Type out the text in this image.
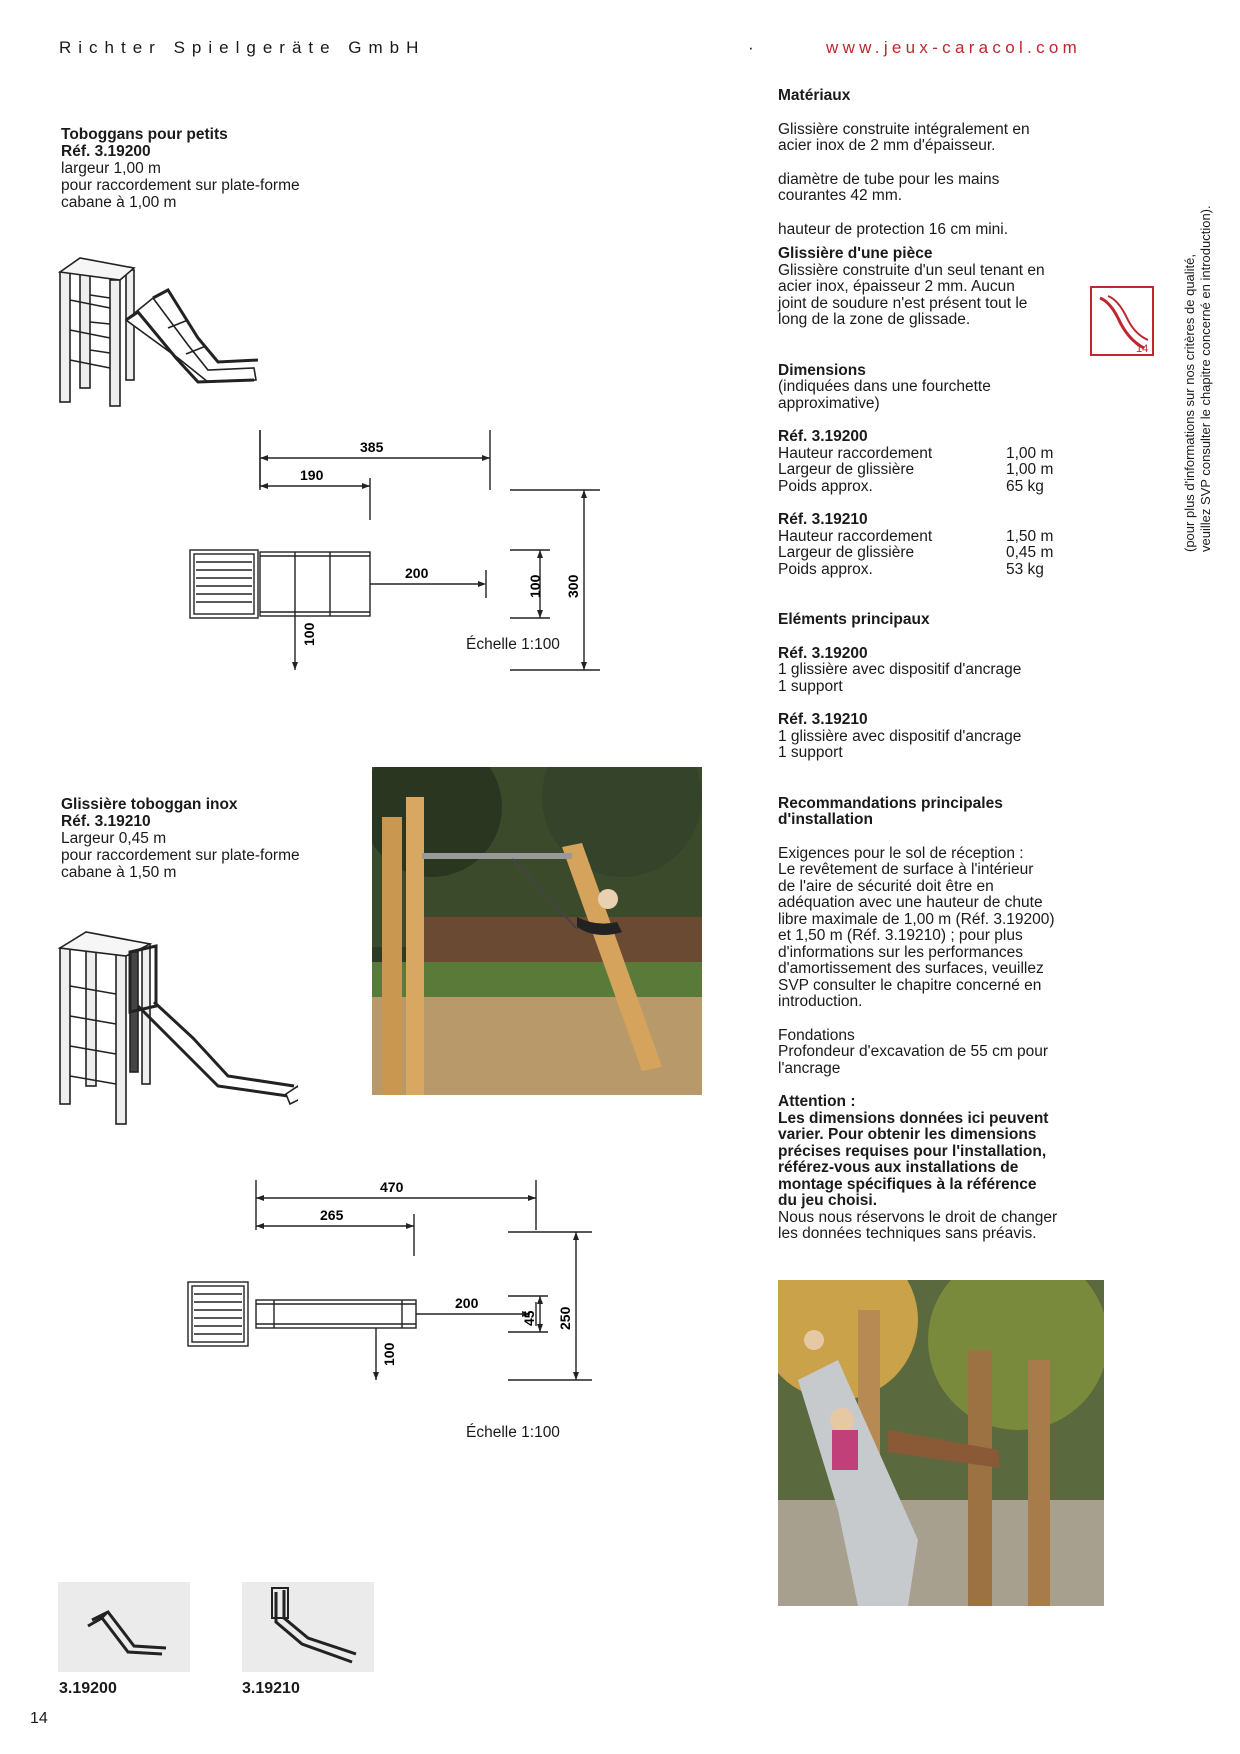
Richter Spielgeräte GmbH	·	www.jeux-caracol.com
Toboggans pour petits
Réf. 3.19200
largeur 1,00 m
pour raccordement sur plate-forme
cabane à 1,00 m
385
190
200
100 300
100	Échelle 1:100
Glissière toboggan inox
Réf. 3.19210
Largeur 0,45 m
pour raccordement sur plate-forme
cabane à 1,50 m
470
265
200
45 250
100
Échelle 1:100

Matériaux

Glissière construite intégralement en

acier inox de 2 mm d'épaisseur.

diamètre de tube pour les mains

courantes 42 mm.

hauteur de protection 16 cm mini.

Glissière d'une pièce

Glissière construite d'un seul tenant en

acier inox, épaisseur 2 mm. Aucun

joint de soudure n'est présent tout le

long de la zone de glissade.

Dimensions

(indiquées dans une fourchette

approximative)

Réf. 3.19200

Hauteur raccordement	1,00 m
Largeur de glissière	1,00 m
Poids approx.	65 kg

Réf. 3.19210

Hauteur raccordement	1,50 m
Largeur de glissière	0,45 m
Poids approx.	53 kg

Eléments principaux

Réf. 3.19200

1 glissière avec dispositif d'ancrage

1 support

Réf. 3.19210

1 glissière avec dispositif d'ancrage

1 support

Recommandations principales

d'installation

Exigences pour le sol de réception :

Le revêtement de surface à l'intérieur

de l'aire de sécurité doit être en

adéquation avec une hauteur de chute

libre maximale de 1,00 m (Réf. 3.19200)

et 1,50 m (Réf. 3.19210) ; pour plus

d'informations sur les performances

d'amortissement des surfaces, veuillez

SVP consulter le chapitre concerné en

introduction.

Fondations

Profondeur d'excavation de 55 cm pour

l'ancrage

Attention :

Les dimensions données ici peuvent

varier. Pour obtenir les dimensions

précises requises pour l'installation,

référez-vous aux installations de

montage spécifiques à la référence

du jeu choisi.

Nous nous réservons le droit de changer

les données techniques sans préavis.

14	(pour plus d'informations sur nos critères de qualité, veuillez SVP consulter le chapitre concerné en introduction).
3.19200	3.19210
14
